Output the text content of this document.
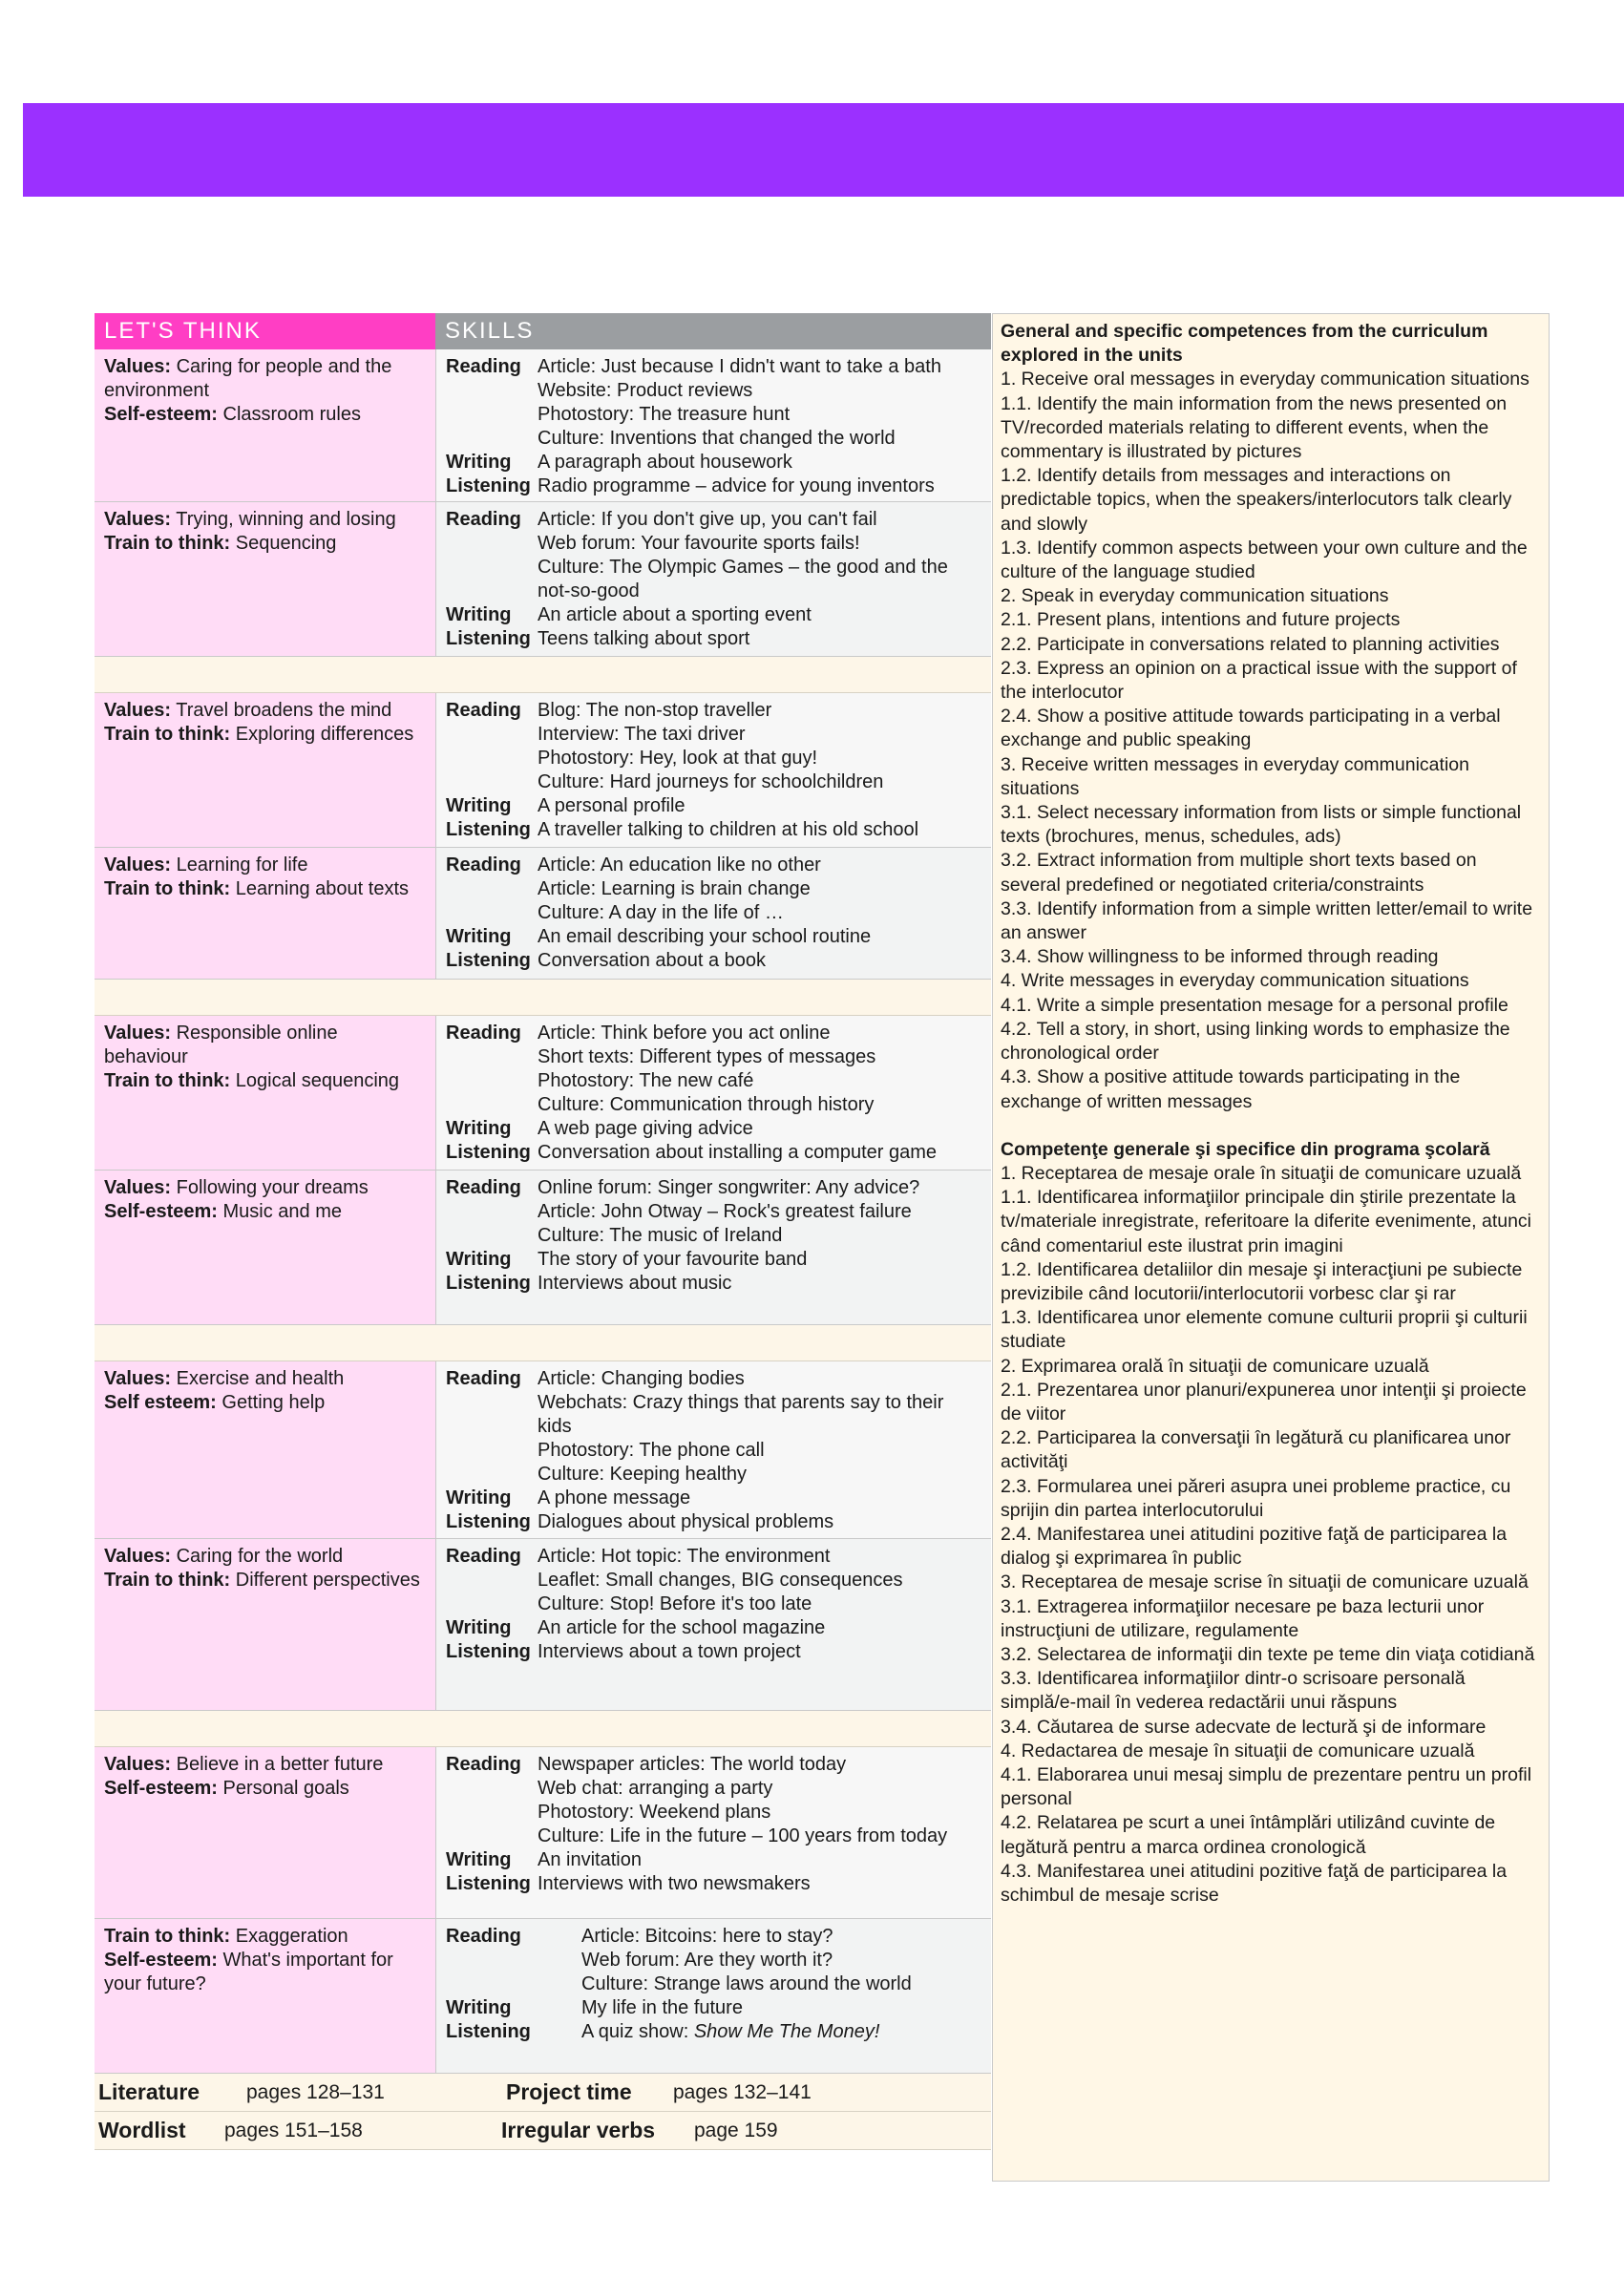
LET'S THINK	SKILLS
Values: Caring for people and the environment
Self-esteem: Classroom rules
Reading Article: Just because I didn't want to take a bath
Website: Product reviews
Photostory: The treasure hunt
Culture: Inventions that changed the world
Writing	A paragraph about housework
Listening Radio programme – advice for young inventors
Values: Trying, winning and losing
Train to think: Sequencing
Reading Article: If you don't give up, you can't fail
Web forum: Your favourite sports fails!
Culture: The Olympic Games – the good and the not-so-good
Writing	An article about a sporting event
Listening Teens talking about sport
Values: Travel broadens the mind
Train to think: Exploring differences
Reading Blog: The non-stop traveller
Interview: The taxi driver
Photostory: Hey, look at that guy!
Culture: Hard journeys for schoolchildren
Writing	A personal profile
Listening A traveller talking to children at his old school
Values: Learning for life
Train to think: Learning about texts
Reading Article: An education like no other
Article: Learning is brain change
Culture: A day in the life of …
Writing	An email describing your school routine
Listening Conversation about a book
Values: Responsible online behaviour
Train to think: Logical sequencing
Reading Article: Think before you act online
Short texts: Different types of messages
Photostory: The new café
Culture: Communication through history
Writing	A web page giving advice
Listening Conversation about installing a computer game
Values: Following your dreams
Self-esteem: Music and me
Reading Online forum: Singer songwriter: Any advice?
Article: John Otway – Rock's greatest failure
Culture: The music of Ireland
Writing	The story of your favourite band
Listening Interviews about music
Values: Exercise and health
Self esteem: Getting help
Reading Article: Changing bodies
Webchats: Crazy things that parents say to their kids
Photostory: The phone call
Culture: Keeping healthy
Writing	A phone message
Listening Dialogues about physical problems
Values: Caring for the world
Train to think: Different perspectives
Reading Article: Hot topic: The environment
Leaflet: Small changes, BIG consequences
Culture: Stop! Before it's too late
Writing	An article for the school magazine
Listening Interviews about a town project
Values: Believe in a better future
Self-esteem: Personal goals
Reading Newspaper articles: The world today
Web chat: arranging a party
Photostory: Weekend plans
Culture: Life in the future – 100 years from today
Writing	An invitation
Listening Interviews with two newsmakers
Train to think: Exaggeration
Self-esteem: What's important for your future?
Reading	Article: Bitcoins: here to stay?
Web forum: Are they worth it?
Culture: Strange laws around the world
Writing	My life in the future
Listening	A quiz show: Show Me The Money!
Literature	pages 128–131	Project time	pages 132–141
Wordlist	pages 151–158	Irregular verbs	page 159

General and specific competences from the curriculum explored in the units

1. Receive oral messages in everyday communication situations

1.1. Identify the main information from the news presented on TV/recorded materials relating to different events, when the commentary is illustrated by pictures

1.2. Identify details from messages and interactions on predictable topics, when the speakers/interlocutors talk clearly and slowly

1.3. Identify common aspects between your own culture and the culture of the language studied

2. Speak in everyday communication situations

2.1. Present plans, intentions and future projects

2.2. Participate in conversations related to planning activities

2.3. Express an opinion on a practical issue with the support of the interlocutor

2.4. Show a positive attitude towards participating in a verbal exchange and public speaking

3. Receive written messages in everyday communication situations

3.1. Select necessary information from lists or simple functional texts (brochures, menus, schedules, ads)

3.2. Extract information from multiple short texts based on several predefined or negotiated criteria/constraints

3.3. Identify information from a simple written letter/email to write an answer

3.4. Show willingness to be informed through reading

4. Write messages in everyday communication situations

4.1. Write a simple presentation mesage for a personal profile

4.2. Tell a story, in short, using linking words to emphasize the chronological order

4.3. Show a positive attitude towards participating in the exchange of written messages

Competenţe generale şi specifice din programa şcolară

1. Receptarea de mesaje orale în situaţii de comunicare uzuală

1.1. Identificarea informaţiilor principale din ştirile prezentate la tv/materiale inregistrate, referitoare la diferite evenimente, atunci când comentariul este ilustrat prin imagini

1.2. Identificarea detaliilor din mesaje şi interacţiuni pe subiecte previzibile când locutorii/interlocutorii vorbesc clar şi rar

1.3. Identificarea unor elemente comune culturii proprii şi culturii studiate

2. Exprimarea orală în situaţii de comunicare uzuală

2.1. Prezentarea unor planuri/expunerea unor intenţii şi proiecte de viitor

2.2. Participarea la conversaţii în legătură cu planificarea unor activităţi

2.3. Formularea unei păreri asupra unei probleme practice, cu sprijin din partea interlocutorului

2.4. Manifestarea unei atitudini pozitive faţă de participarea la dialog şi exprimarea în public

3. Receptarea de mesaje scrise în situaţii de comunicare uzuală

3.1. Extragerea informaţiilor necesare pe baza lecturii unor instrucţiuni de utilizare, regulamente

3.2. Selectarea de informaţii din texte pe teme din viaţa cotidiană

3.3. Identificarea informaţiilor dintr-o scrisoare personală simplă/e-mail în vederea redactării unui răspuns

3.4. Căutarea de surse adecvate de lectură şi de informare

4. Redactarea de mesaje în situaţii de comunicare uzuală

4.1. Elaborarea unui mesaj simplu de prezentare pentru un profil personal

4.2. Relatarea pe scurt a unei întâmplări utilizând cuvinte de legătură pentru a marca ordinea cronologică

4.3. Manifestarea unei atitudini pozitive faţă de participarea la schimbul de mesaje scrise
